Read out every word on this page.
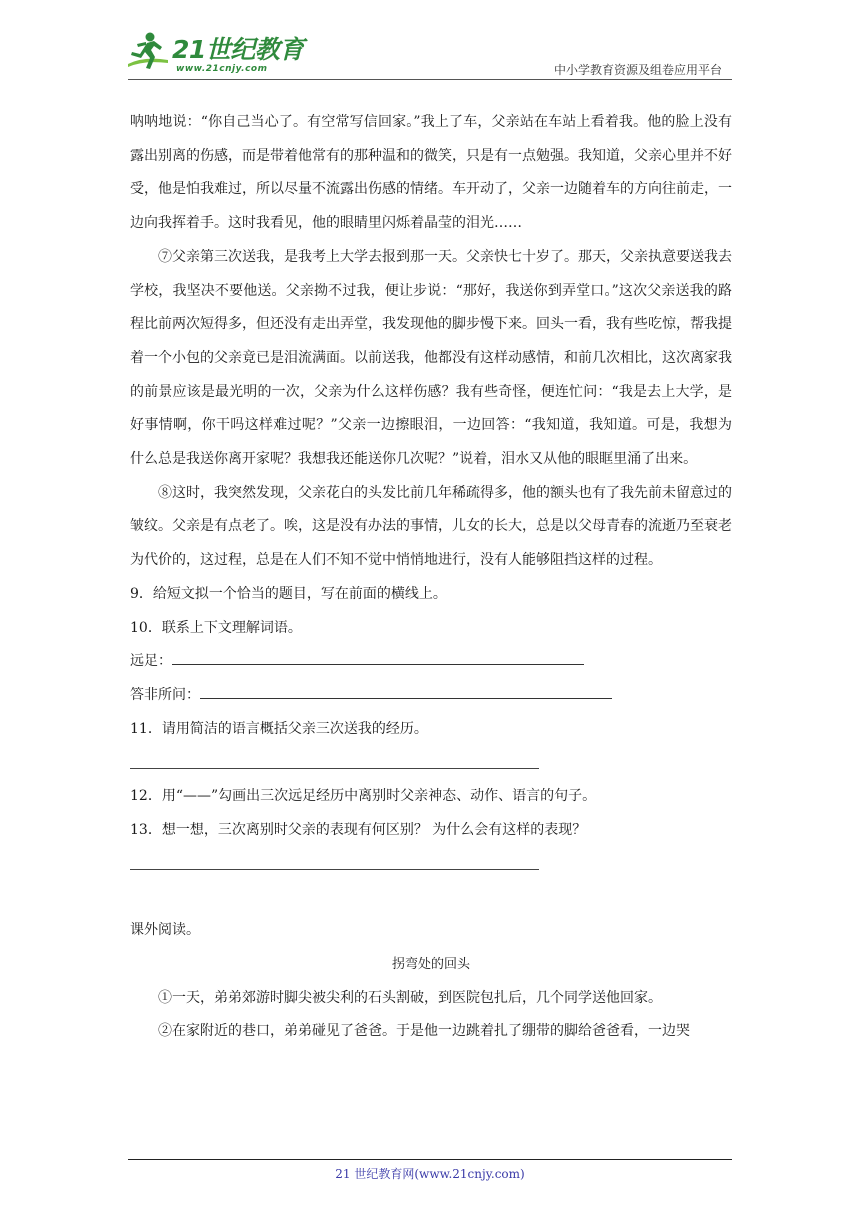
21世纪教育
www.21cnjy.com	中小学教育资源及组卷应用平台

呐呐地说：“你自己当心了。有空常写信回家。”我上了车，父亲站在车站上看着我。他的脸上没有露出别离的伤感，而是带着他常有的那种温和的微笑，只是有一点勉强。我知道，父亲心里并不好受，他是怕我难过，所以尽量不流露出伤感的情绪。车开动了，父亲一边随着车的方向往前走，一边向我挥着手。这时我看见，他的眼睛里闪烁着晶莹的泪光……

⑦父亲第三次送我，是我考上大学去报到那一天。父亲快七十岁了。那天，父亲执意要送我去学校，我坚决不要他送。父亲拗不过我，便让步说：“那好，我送你到弄堂口。”这次父亲送我的路程比前两次短得多，但还没有走出弄堂，我发现他的脚步慢下来。回头一看，我有些吃惊，帮我提着一个小包的父亲竟已是泪流满面。以前送我，他都没有这样动感情，和前几次相比，这次离家我的前景应该是最光明的一次，父亲为什么这样伤感？我有些奇怪，便连忙问：“我是去上大学，是好事情啊，你干吗这样难过呢？”父亲一边擦眼泪，一边回答：“我知道，我知道。可是，我想为什么总是我送你离开家呢？我想我还能送你几次呢？”说着，泪水又从他的眼眶里涌了出来。

⑧这时，我突然发现，父亲花白的头发比前几年稀疏得多，他的额头也有了我先前未留意过的皱纹。父亲是有点老了。唉，这是没有办法的事情，儿女的长大，总是以父母青春的流逝乃至衰老为代价的，这过程，总是在人们不知不觉中悄悄地进行，没有人能够阻挡这样的过程。

9．给短文拟一个恰当的题目，写在前面的横线上。

10．联系上下文理解词语。

远足：

答非所问：

11．请用简洁的语言概括父亲三次送我的经历。

12．用“——”勾画出三次远足经历中离别时父亲神态、动作、语言的句子。

13．想一想，三次离别时父亲的表现有何区别？ 为什么会有这样的表现？

课外阅读。

拐弯处的回头

①一天，弟弟郊游时脚尖被尖利的石头割破，到医院包扎后，几个同学送他回家。

②在家附近的巷口，弟弟碰见了爸爸。于是他一边跳着扎了绷带的脚给爸爸看，一边哭

21 世纪教育网(www.21cnjy.com)
